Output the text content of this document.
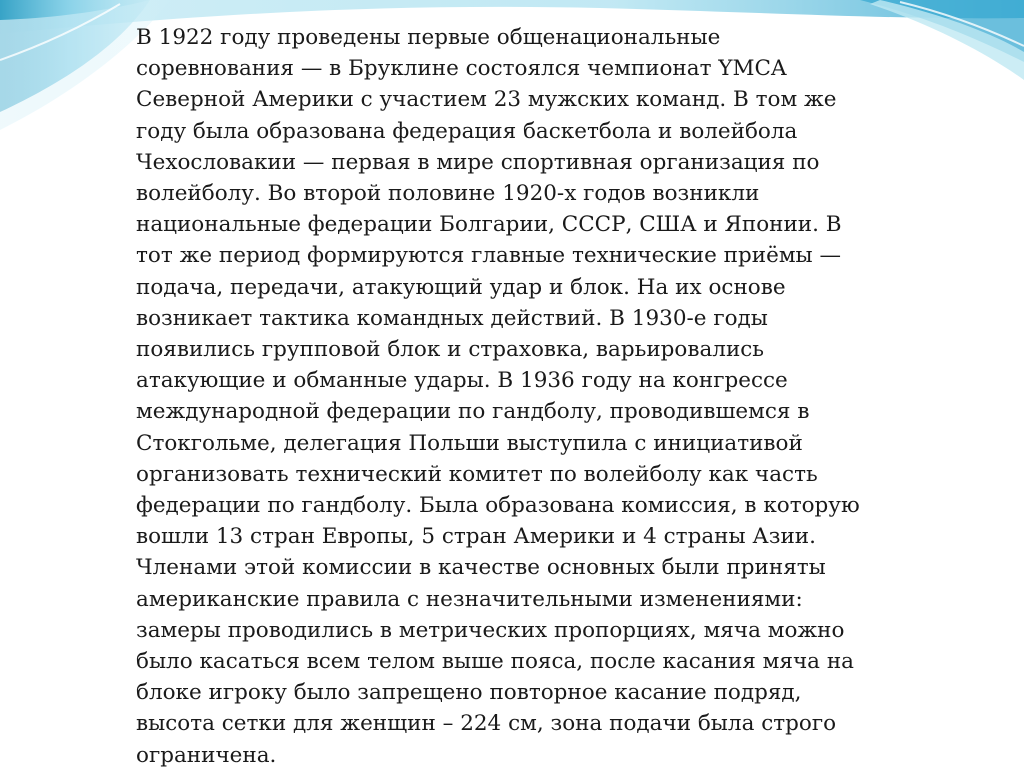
В 1922 году проведены первые общенациональные
соревнования — в Бруклине состоялся чемпионат YMCA
Северной Америки с участием 23 мужских команд. В том же
году была образована федерация баскетбола и волейбола
Чехословакии — первая в мире спортивная организация по
волейболу. Во второй половине 1920-х годов возникли
национальные федерации Болгарии, СССР, США и Японии. В
тот же период формируются главные технические приёмы —
подача, передачи, атакующий удар и блок. На их основе
возникает тактика командных действий. В 1930-е годы
появились групповой блок и страховка, варьировались
атакующие и обманные удары. В 1936 году на конгрессе
международной федерации по гандболу, проводившемся в
Стокгольме, делегация Польши выступила с инициативой
организовать технический комитет по волейболу как часть
федерации по гандболу. Была образована комиссия, в которую
вошли 13 стран Европы, 5 стран Америки и 4 страны Азии.
Членами этой комиссии в качестве основных были приняты
американские правила с незначительными изменениями:
замеры проводились в метрических пропорциях, мяча можно
было касаться всем телом выше пояса, после касания мяча на
блоке игроку было запрещено повторное касание подряд,
высота сетки для женщин – 224 см, зона подачи была строго
ограничена.
